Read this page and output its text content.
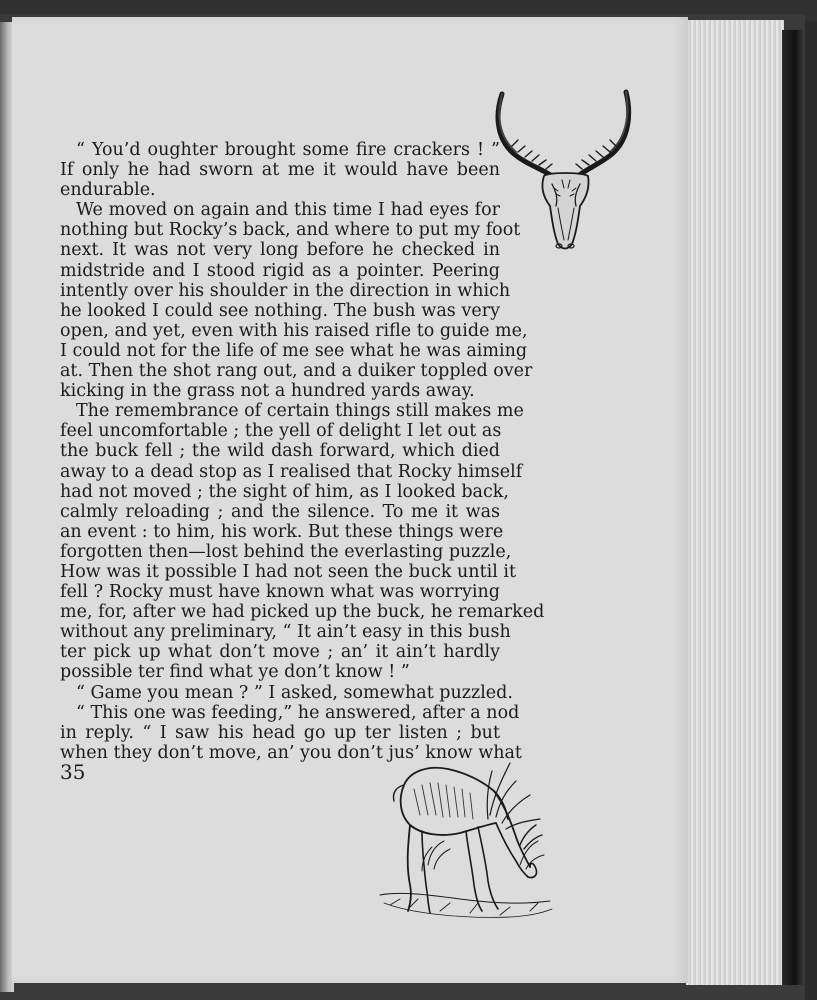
“ You’d oughter brought some fire crackers ! ”
If only he had sworn at me it would have been
endurable.

We moved on again and this time I had eyes for
nothing but Rocky’s back, and where to put my foot
next. It was not very long before he checked in
midstride and I stood rigid as a pointer. Peering
intently over his shoulder in the direction in which
he looked I could see nothing. The bush was very
open, and yet, even with his raised rifle to guide me,
I could not for the life of me see what he was aiming
at. Then the shot rang out, and a duiker toppled over
kicking in the grass not a hundred yards away.

The remembrance of certain things still makes me
feel uncomfortable ; the yell of delight I let out as
the buck fell ; the wild dash forward, which died
away to a dead stop as I realised that Rocky himself
had not moved ; the sight of him, as I looked back,
calmly reloading ; and the silence. To me it was
an event : to him, his work. But these things were
forgotten then—lost behind the everlasting puzzle,
How was it possible I had not seen the buck until it
fell ? Rocky must have known what was worrying
me, for, after we had picked up the buck, he remarked
without any preliminary, “ It ain’t easy in this bush
ter pick up what don’t move ; an’ it ain’t hardly
possible ter find what ye don’t know ! ”

“ Game you mean ? ” I asked, somewhat puzzled.

“ This one was feeding,” he answered, after a nod
in reply. “ I saw his head go up ter listen ; but
when they don’t move, an’ you don’t jus’ know what

35
